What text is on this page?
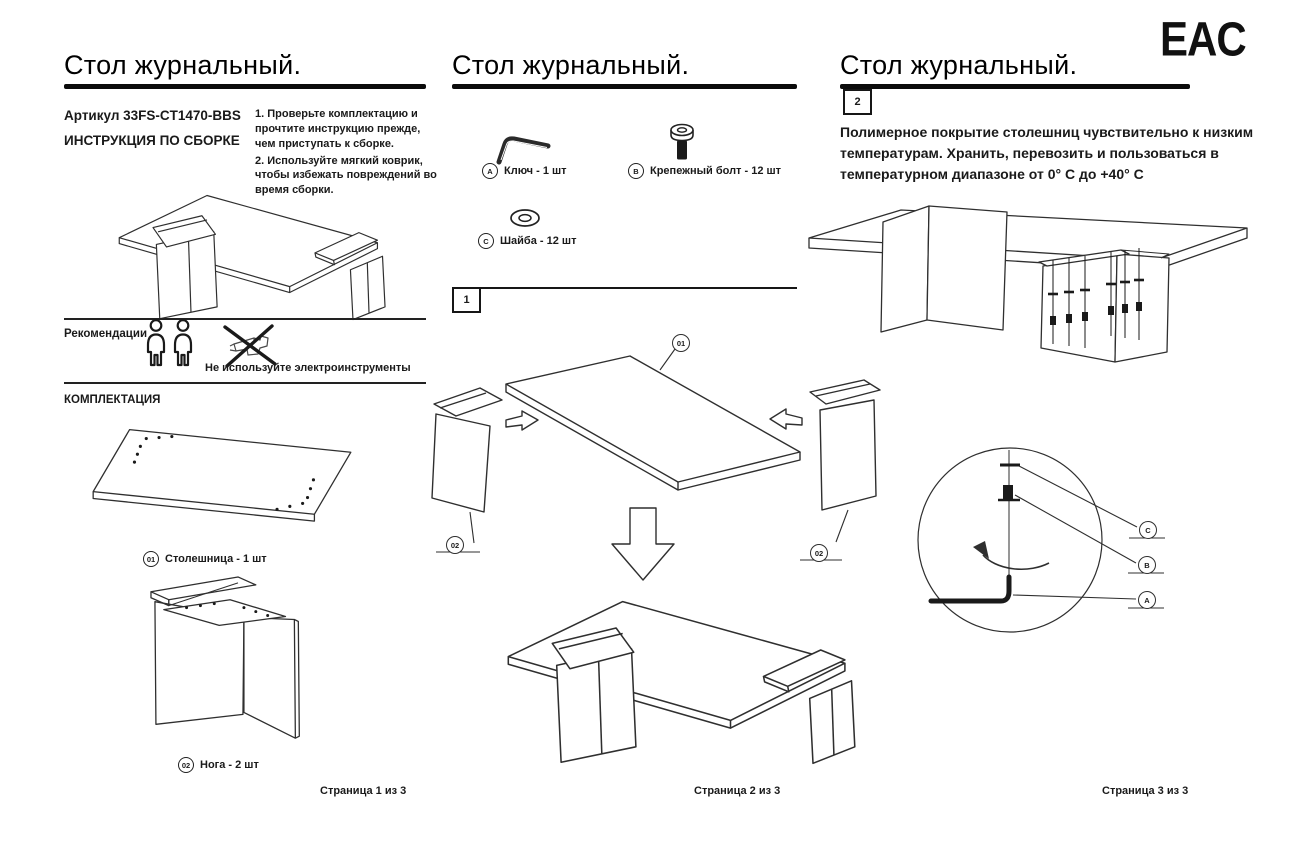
Стол журнальный.
Артикул 33FS-CT1470-BBS
ИНСТРУКЦИЯ ПО СБОРКЕ

1. Проверьте комплектацию и прочтите инструкцию прежде, чем приступать к сборке.

2. Используйте мягкий коврик, чтобы избежать повреждений во время сборки.

Рекомендации
Не используйте электроинструменты
КОМПЛЕКТАЦИЯ
01 Столешница - 1 шт
02 Нога - 2 шт
Страница 1 из 3
Стол журнальный.
A	Ключ - 1 шт	B	Крепежный болт - 12 шт
C	Шайба - 12 шт
1
01
02
02
Страница 2 из 3
Стол журнальный.
2
Полимерное покрытие столешниц чувствительно к низким температурам. Хранить, перевозить и пользоваться в температурном диапазоне от 0° С до +40° С
C
B
A
Страница 3 из 3
EAC
